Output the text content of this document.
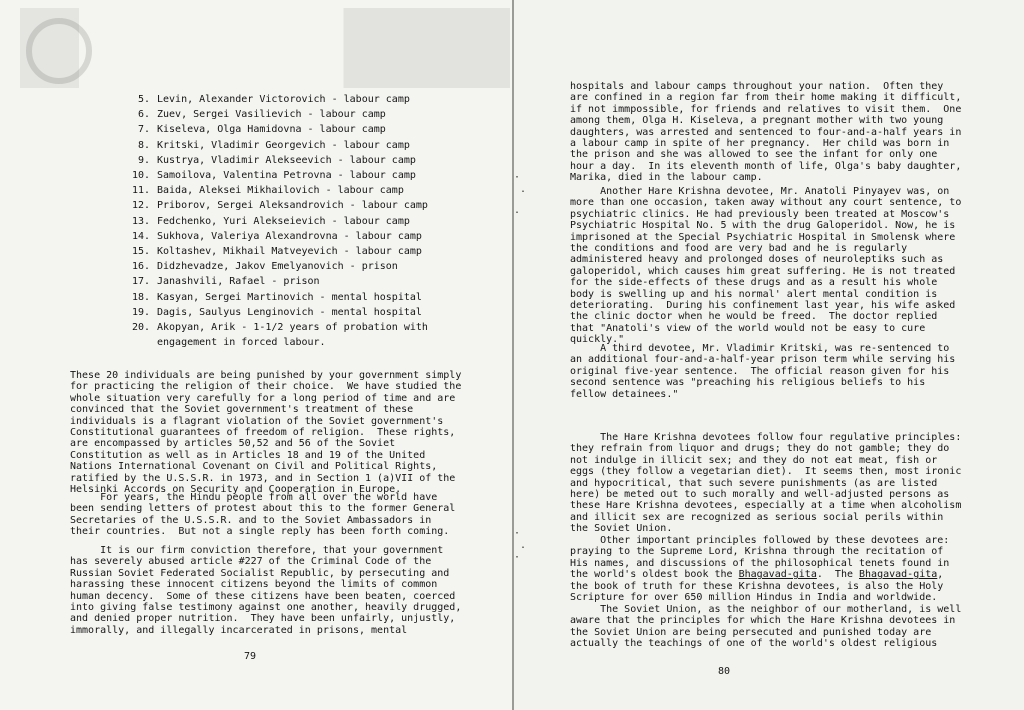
5. Levin, Alexander Victorovich - labour camp
6. Zuev, Sergei Vasilievich - labour camp
7. Kiseleva, Olga Hamidovna - labour camp
8. Kritski, Vladimir Georgevich - labour camp
9. Kustrya, Vladimir Alekseevich - labour camp
10. Samoilova, Valentina Petrovna - labour camp
11. Baida, Aleksei Mikhailovich - labour camp
12. Priborov, Sergei Aleksandrovich - labour camp
13. Fedchenko, Yuri Alekseievich - labour camp
14. Sukhova, Valeriya Alexandrovna - labour camp
15. Koltashev, Mikhail Matveyevich - labour camp
16. Didzhevadze, Jakov Emelyanovich - prison
17. Janashvili, Rafael - prison
18. Kasyan, Sergei Martinovich - mental hospital
19. Dagis, Saulyus Lenginovich - mental hospital
20. Akopyan, Arik - 1-1/2 years of probation with
engagement in forced labour.
These 20 individuals are being punished by your government simply
for practicing the religion of their choice.  We have studied the
whole situation very carefully for a long period of time and are
convinced that the Soviet government's treatment of these
individuals is a flagrant violation of the Soviet government's
Constitutional guarantees of freedom of religion.  These rights,
are encompassed by articles 50,52 and 56 of the Soviet
Constitution as well as in Articles 18 and 19 of the United
Nations International Covenant on Civil and Political Rights,
ratified by the U.S.S.R. in 1973, and in Section 1 (a)VII of the
Helsinki Accords on Security and Cooperation in Europe.
For years, the Hindu people from all over the world have
been sending letters of protest about this to the former General
Secretaries of the U.S.S.R. and to the Soviet Ambassadors in
their countries.  But not a single reply has been forth coming.
It is our firm conviction therefore, that your government
has severely abused article #227 of the Criminal Code of the
Russian Soviet Federated Socialist Republic, by persecuting and
harassing these innocent citizens beyond the limits of common
human decency.  Some of these citizens have been beaten, coerced
into giving false testimony against one another, heavily drugged,
and denied proper nutrition.  They have been unfairly, unjustly,
immorally, and illegally incarcerated in prisons, mental
79
·
.
.
·
.
·
hospitals and labour camps throughout your nation.  Often they
are confined in a region far from their home making it difficult,
if not immpossible, for friends and relatives to visit them.  One
among them, Olga H. Kiseleva, a pregnant mother with two young
daughters, was arrested and sentenced to four-and-a-half years in
a labour camp in spite of her pregnancy.  Her child was born in
the prison and she was allowed to see the infant for only one
hour a day.  In its eleventh month of life, Olga's baby daughter,
Marika, died in the labour camp.
Another Hare Krishna devotee, Mr. Anatoli Pinyayev was, on
more than one occasion, taken away without any court sentence, to
psychiatric clinics. He had previously been treated at Moscow's
Psychiatric Hospital No. 5 with the drug Galoperidol. Now, he is
imprisoned at the Special Psychiatric Hospital in Smolensk where
the conditions and food are very bad and he is regularly
administered heavy and prolonged doses of neuroleptiks such as
galoperidol, which causes him great suffering. He is not treated
for the side-effects of these drugs and as a result his whole
body is swelling up and his normal' alert mental condition is
deteriorating.  During his confinement last year, his wife asked
the clinic doctor when he would be freed.  The doctor replied
that "Anatoli's view of the world would not be easy to cure
quickly."
A third devotee, Mr. Vladimir Kritski, was re-sentenced to
an additional four-and-a-half-year prison term while serving his
original five-year sentence.  The official reason given for his
second sentence was "preaching his religious beliefs to his
fellow detainees."
The Hare Krishna devotees follow four regulative principles:
they refrain from liquor and drugs; they do not gamble; they do
not indulge in illicit sex; and they do not eat meat, fish or
eggs (they follow a vegetarian diet).  It seems then, most ironic
and hypocritical, that such severe punishments (as are listed
here) be meted out to such morally and well-adjusted persons as
these Hare Krishna devotees, especially at a time when alcoholism
and illicit sex are recognized as serious social perils within
the Soviet Union.
Other important principles followed by these devotees are:
praying to the Supreme Lord, Krishna through the recitation of
His names, and discussions of the philosophical tenets found in
the world's oldest book the Bhagavad-gita.  The Bhagavad-gita,
the book of truth for these Krishna devotees, is also the Holy
Scripture for over 650 million Hindus in India and worldwide.
The Soviet Union, as the neighbor of our motherland, is well
aware that the principles for which the Hare Krishna devotees in
the Soviet Union are being persecuted and punished today are
actually the teachings of one of the world's oldest religious
80
